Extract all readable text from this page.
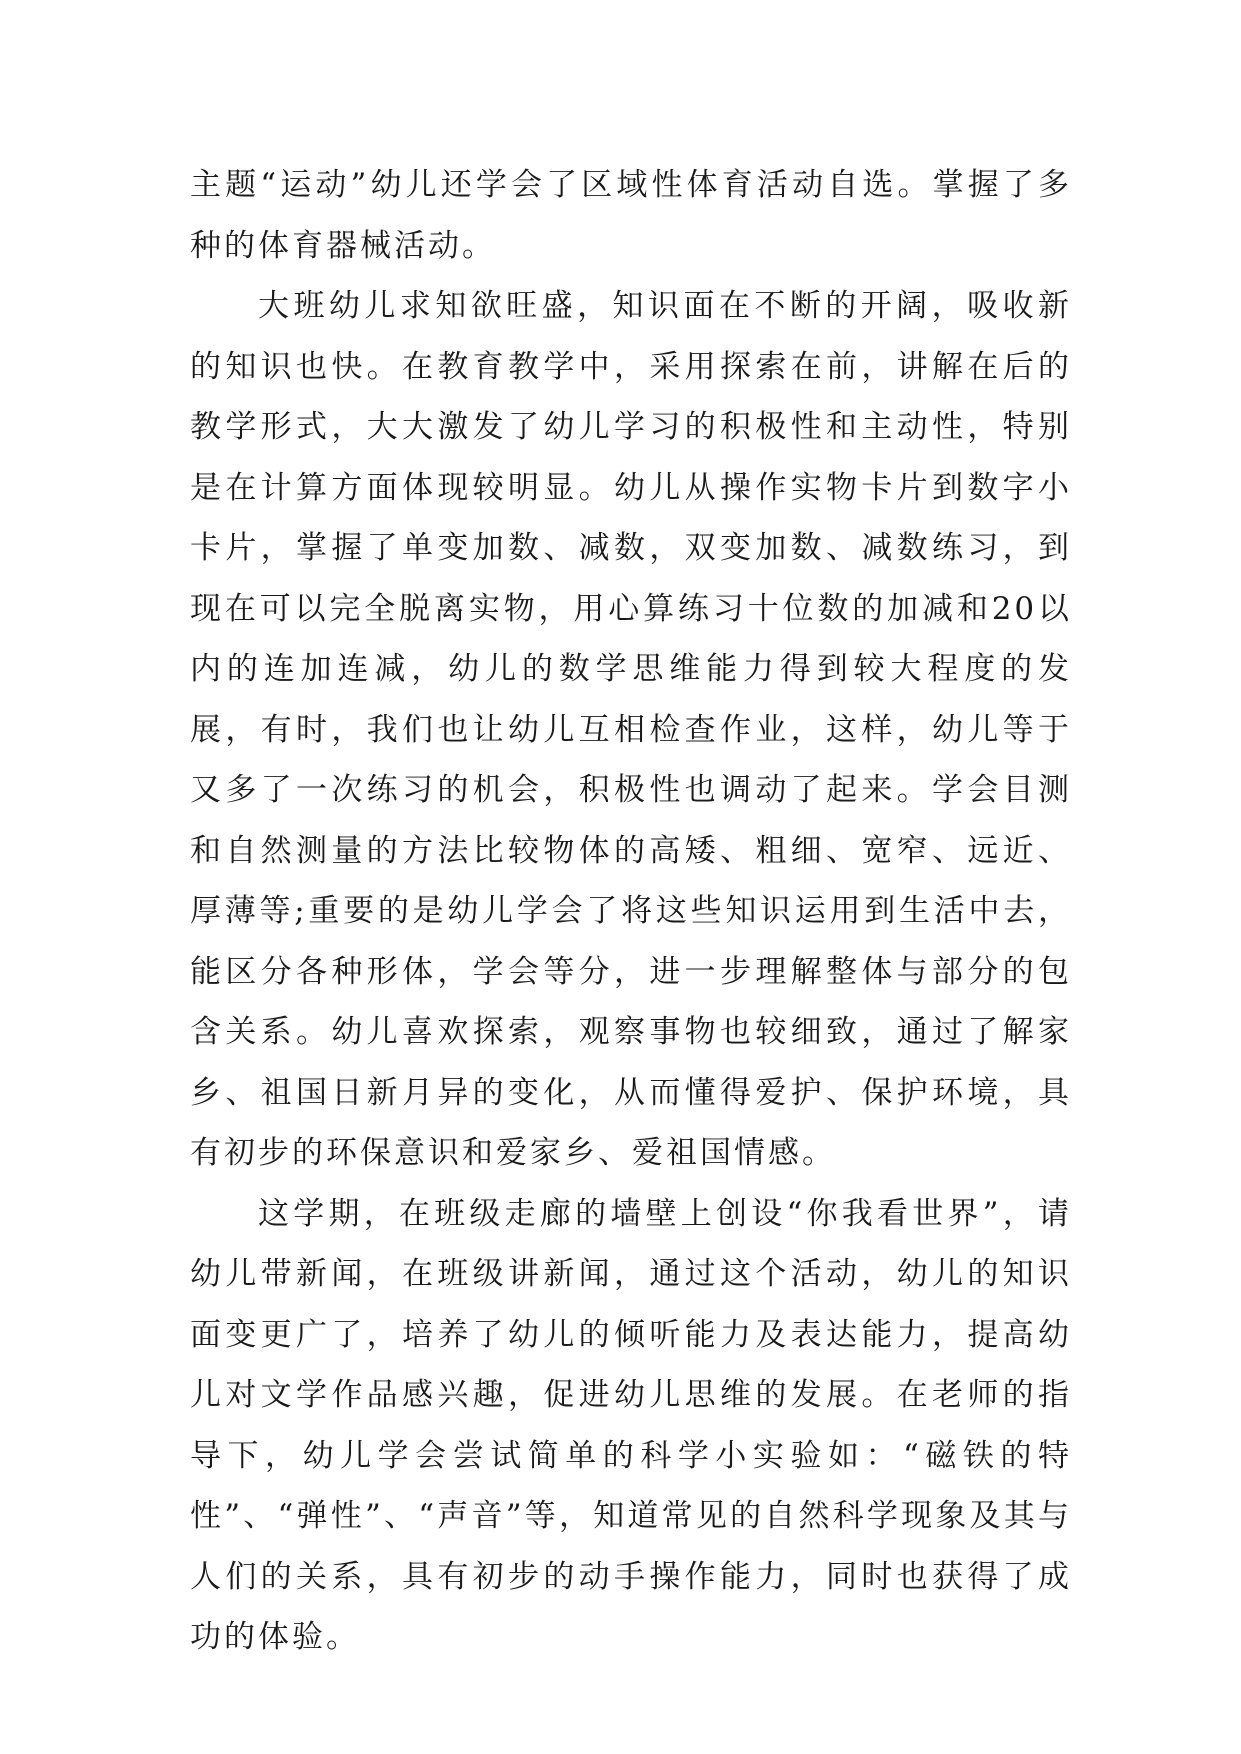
主题“运动”幼儿还学会了区域性体育活动自选。掌握了多种的体育器械活动。

大班幼儿求知欲旺盛，知识面在不断的开阔，吸收新的知识也快。在教育教学中，采用探索在前，讲解在后的教学形式，大大激发了幼儿学习的积极性和主动性，特别是在计算方面体现较明显。幼儿从操作实物卡片到数字小卡片，掌握了单变加数、减数，双变加数、减数练习，到现在可以完全脱离实物，用心算练习十位数的加减和20以内的连加连减，幼儿的数学思维能力得到较大程度的发展，有时，我们也让幼儿互相检查作业，这样，幼儿等于又多了一次练习的机会，积极性也调动了起来。学会目测和自然测量的方法比较物体的高矮、粗细、宽窄、远近、厚薄等;重要的是幼儿学会了将这些知识运用到生活中去，能区分各种形体，学会等分，进一步理解整体与部分的包含关系。幼儿喜欢探索，观察事物也较细致，通过了解家乡、祖国日新月异的变化，从而懂得爱护、保护环境，具有初步的环保意识和爱家乡、爱祖国情感。

这学期，在班级走廊的墙壁上创设“你我看世界”，请幼儿带新闻，在班级讲新闻，通过这个活动，幼儿的知识面变更广了，培养了幼儿的倾听能力及表达能力，提高幼儿对文学作品感兴趣，促进幼儿思维的发展。在老师的指导下，幼儿学会尝试简单的科学小实验如：“磁铁的特性”、“弹性”、“声音”等，知道常见的自然科学现象及其与人们的关系，具有初步的动手操作能力，同时也获得了成功的体验。
